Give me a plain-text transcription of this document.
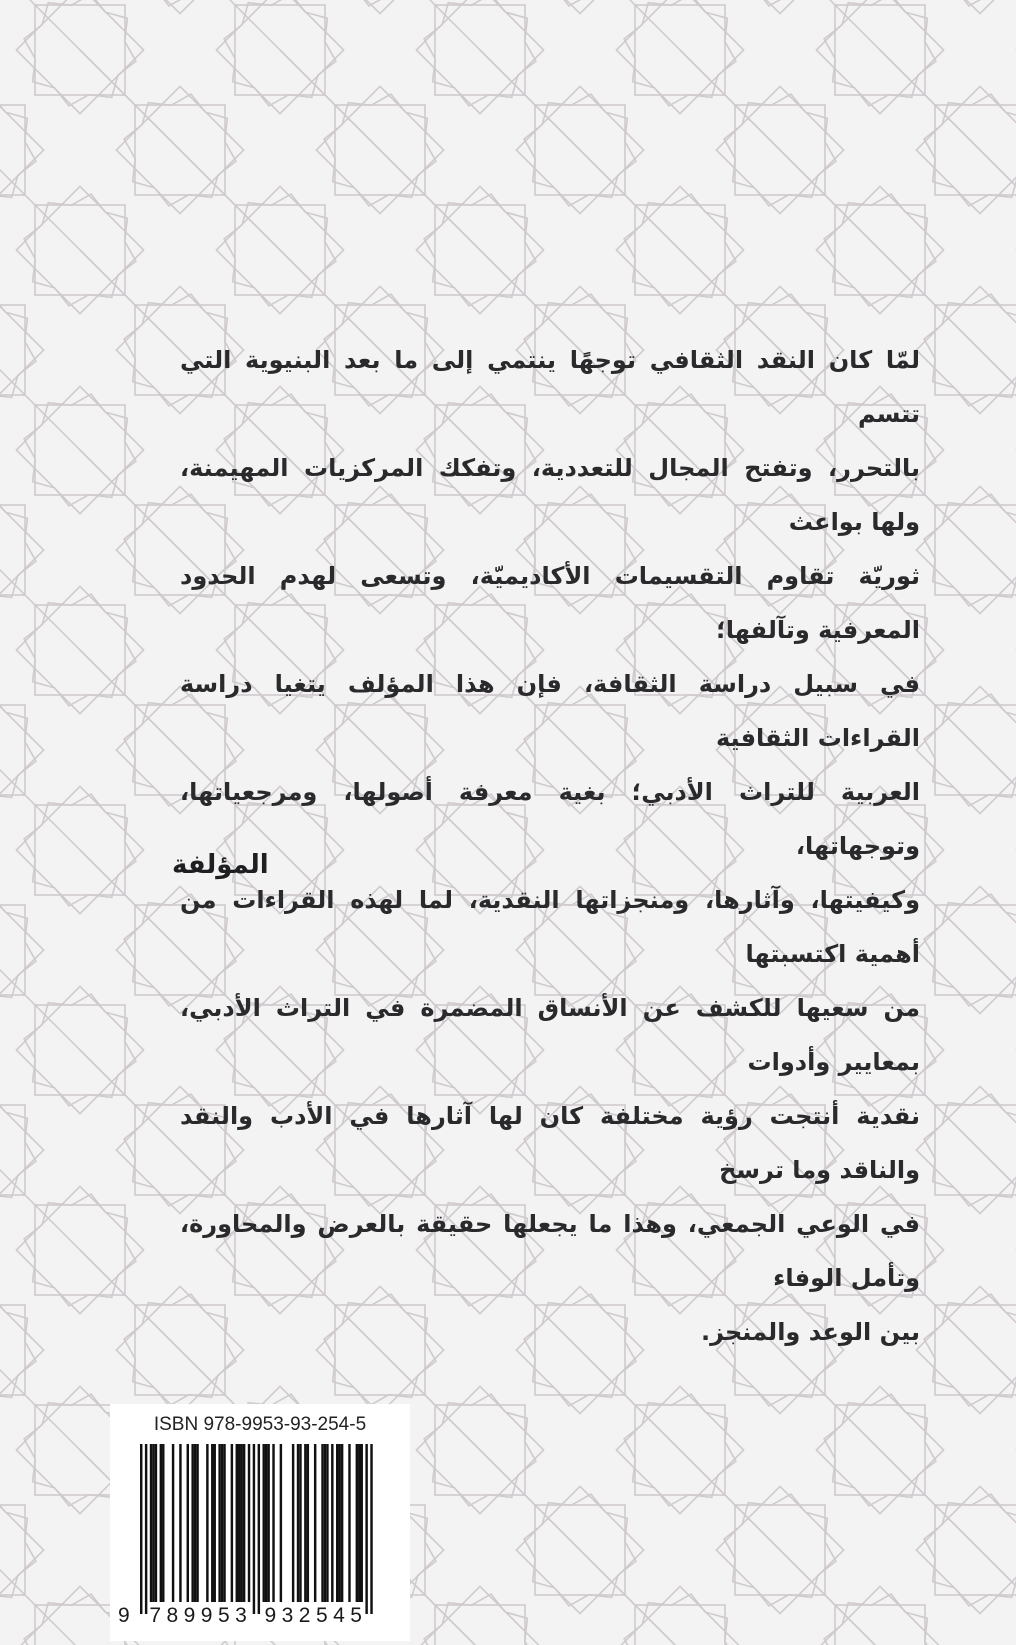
لمّا كان النقد الثقافي توجهًا ينتمي إلى ما بعد البنيوية التي تتسم
بالتحرر، وتفتح المجال للتعددية، وتفكك المركزيات المهيمنة، ولها بواعث
ثوريّة تقاوم التقسيمات الأكاديميّة، وتسعى لهدم الحدود المعرفية وتآلفها؛
في سبيل دراسة الثقافة، فإن هذا المؤلف يتغيا دراسة القراءات الثقافية
العربية للتراث الأدبي؛ بغية معرفة أصولها، ومرجعياتها، وتوجهاتها،
وكيفيتها، وآثارها، ومنجزاتها النقدية، لما لهذه القراءات من أهمية اكتسبتها
من سعيها للكشف عن الأنساق المضمرة في التراث الأدبي، بمعايير وأدوات
نقدية أنتجت رؤية مختلفة كان لها آثارها في الأدب والنقد والناقد وما ترسخ
في الوعي الجمعي، وهذا ما يجعلها حقيقة بالعرض والمحاورة، وتأمل الوفاء
بين الوعد والمنجز.
المؤلفة
ISBN 978-9953-93-254-5
9 7 8 9 9 5 3 9 3 2 5 4 5
